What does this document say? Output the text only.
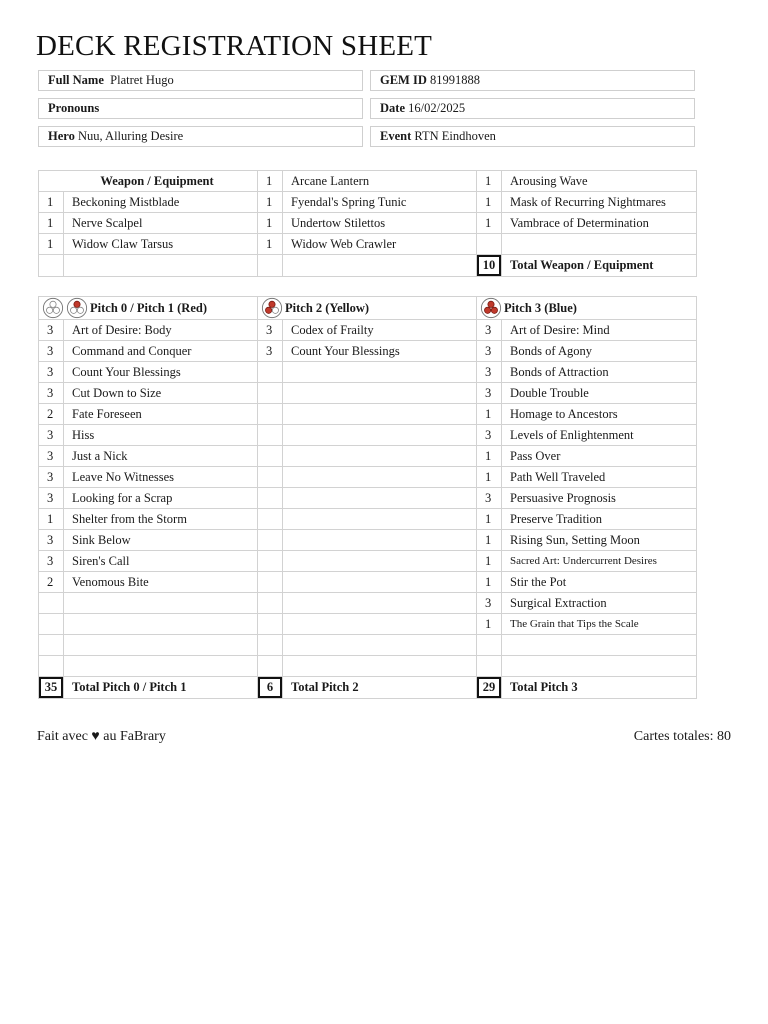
DECK REGISTRATION SHEET
Full Name Platret Hugo	GEM ID 81991888
Pronouns	Date 16/02/2025
Hero Nuu, Alluring Desire	Event RTN Eindhoven
Weapon / Equipment		1	Arcane Lantern	1	Arousing Wave
1	Beckoning Mistblade	1	Fyendal's Spring Tunic	1	Mask of Recurring Nightmares
1	Nerve Scalpel	1	Undertow Stilettos	1	Vambrace of Determination
1	Widow Claw Tarsus	1	Widow Web Crawler		
				10	Total Weapon / Equipment
Pitch 0 / Pitch 1 (Red)		Pitch 2 (Yellow)		Pitch 3 (Blue)	

3	Art of Desire: Body	3	Codex of Frailty	3	Art of Desire: Mind
3	Command and Conquer	3	Count Your Blessings	3	Bonds of Agony
3	Count Your Blessings			3	Bonds of Attraction
3	Cut Down to Size			3	Double Trouble
2	Fate Foreseen			1	Homage to Ancestors
3	Hiss			3	Levels of Enlightenment
3	Just a Nick			1	Pass Over
3	Leave No Witnesses			1	Path Well Traveled
3	Looking for a Scrap			3	Persuasive Prognosis
1	Shelter from the Storm			1	Preserve Tradition
3	Sink Below			1	Rising Sun, Setting Moon
3	Siren's Call			1	Sacred Art: Undercurrent Desires
2	Venomous Bite			1	Stir the Pot
				3	Surgical Extraction
				1	The Grain that Tips the Scale

35	Total Pitch 0 / Pitch 1	6	Total Pitch 2	29	Total Pitch 3
Fait avec ♥ au FaBrary	Cartes totales: 80
